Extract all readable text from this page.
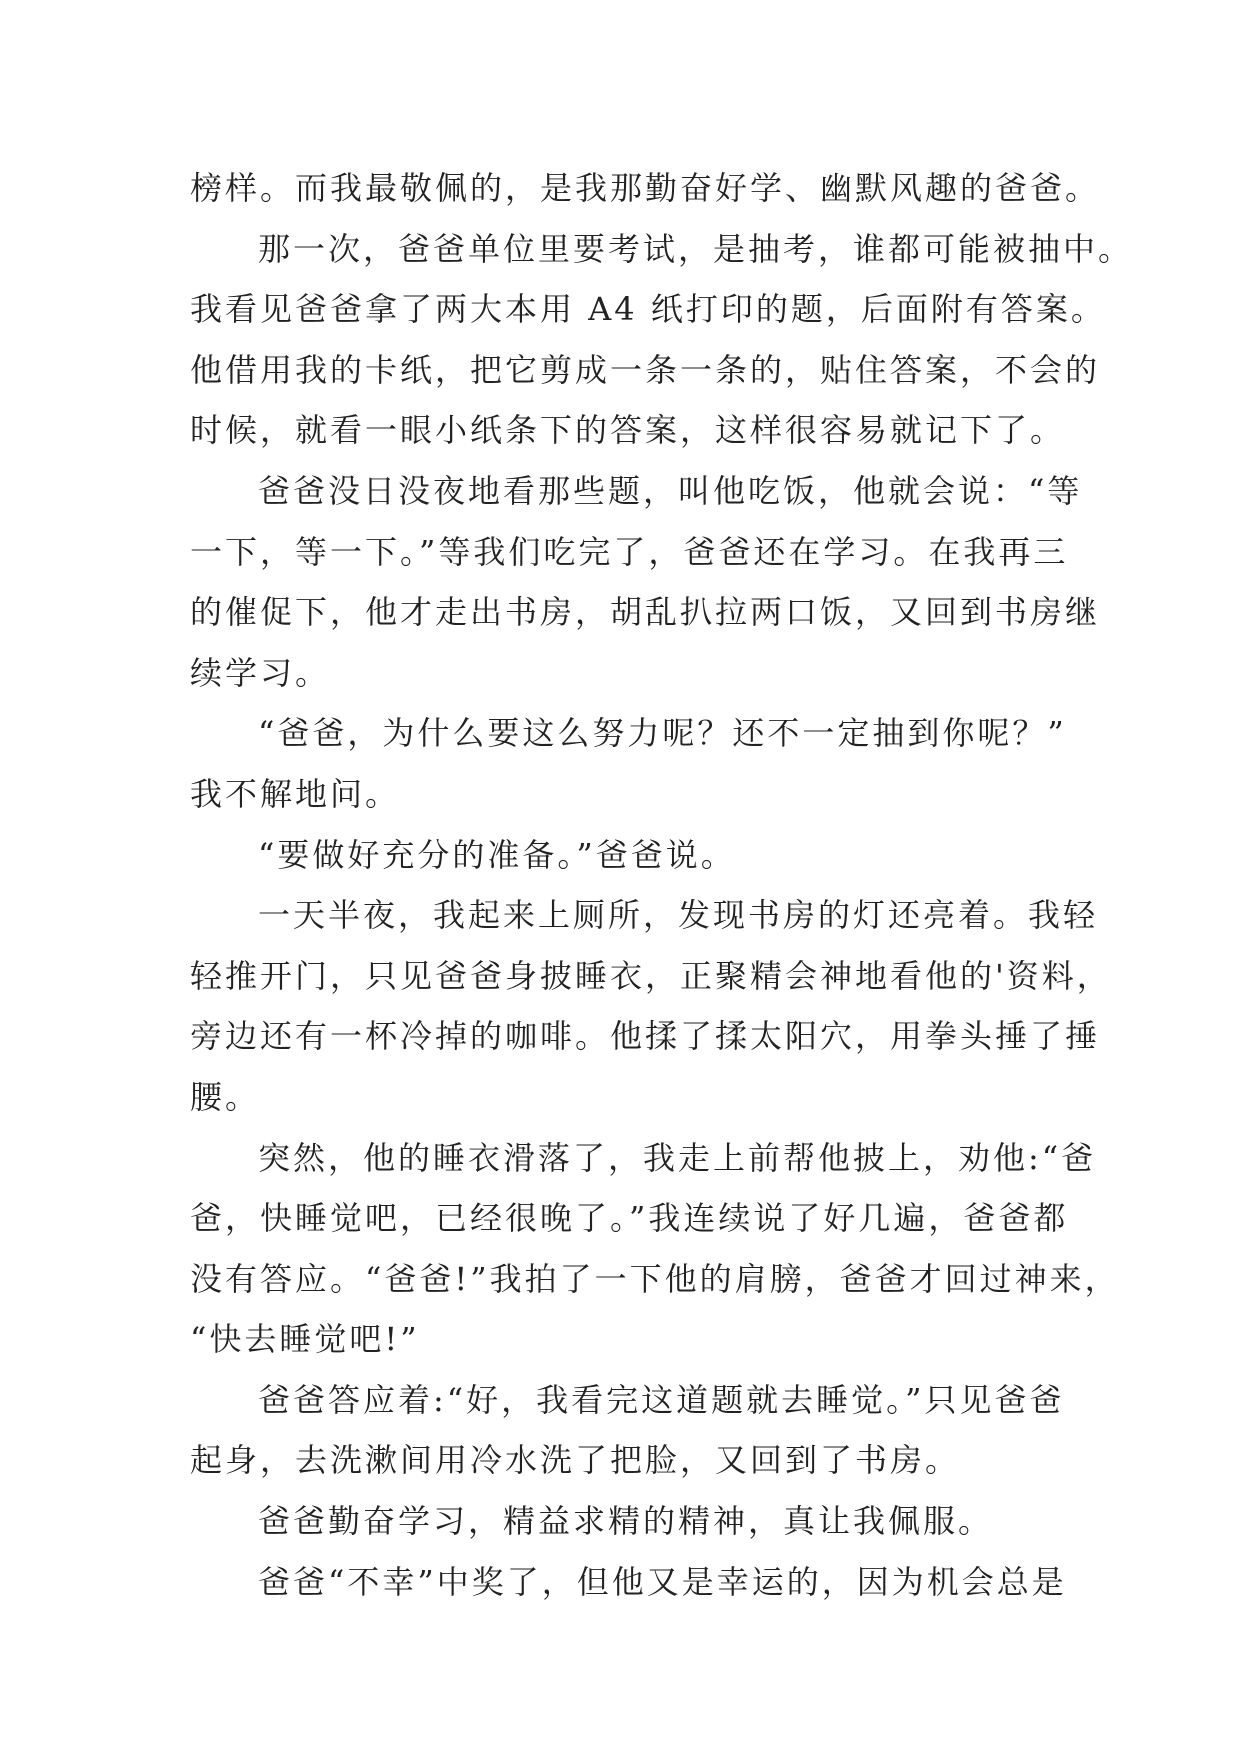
榜样。而我最敬佩的，是我那勤奋好学、幽默风趣的爸爸。
那一次，爸爸单位里要考试，是抽考，谁都可能被抽中。
我看见爸爸拿了两大本用 A4 纸打印的题，后面附有答案。
他借用我的卡纸，把它剪成一条一条的，贴住答案，不会的
时候，就看一眼小纸条下的答案，这样很容易就记下了。
爸爸没日没夜地看那些题，叫他吃饭，他就会说：“等
一下，等一下。”等我们吃完了，爸爸还在学习。在我再三
的催促下，他才走出书房，胡乱扒拉两口饭，又回到书房继
续学习。
“爸爸，为什么要这么努力呢？还不一定抽到你呢？”
我不解地问。
“要做好充分的准备。”爸爸说。
一天半夜，我起来上厕所，发现书房的灯还亮着。我轻
轻推开门，只见爸爸身披睡衣，正聚精会神地看他的'资料，
旁边还有一杯冷掉的咖啡。他揉了揉太阳穴，用拳头捶了捶
腰。
突然，他的睡衣滑落了，我走上前帮他披上，劝他:“爸
爸，快睡觉吧，已经很晚了。”我连续说了好几遍，爸爸都
没有答应。“爸爸!”我拍了一下他的肩膀，爸爸才回过神来，
“快去睡觉吧!”
爸爸答应着:“好，我看完这道题就去睡觉。”只见爸爸
起身，去洗漱间用冷水洗了把脸，又回到了书房。
爸爸勤奋学习，精益求精的精神，真让我佩服。
爸爸“不幸”中奖了，但他又是幸运的，因为机会总是
